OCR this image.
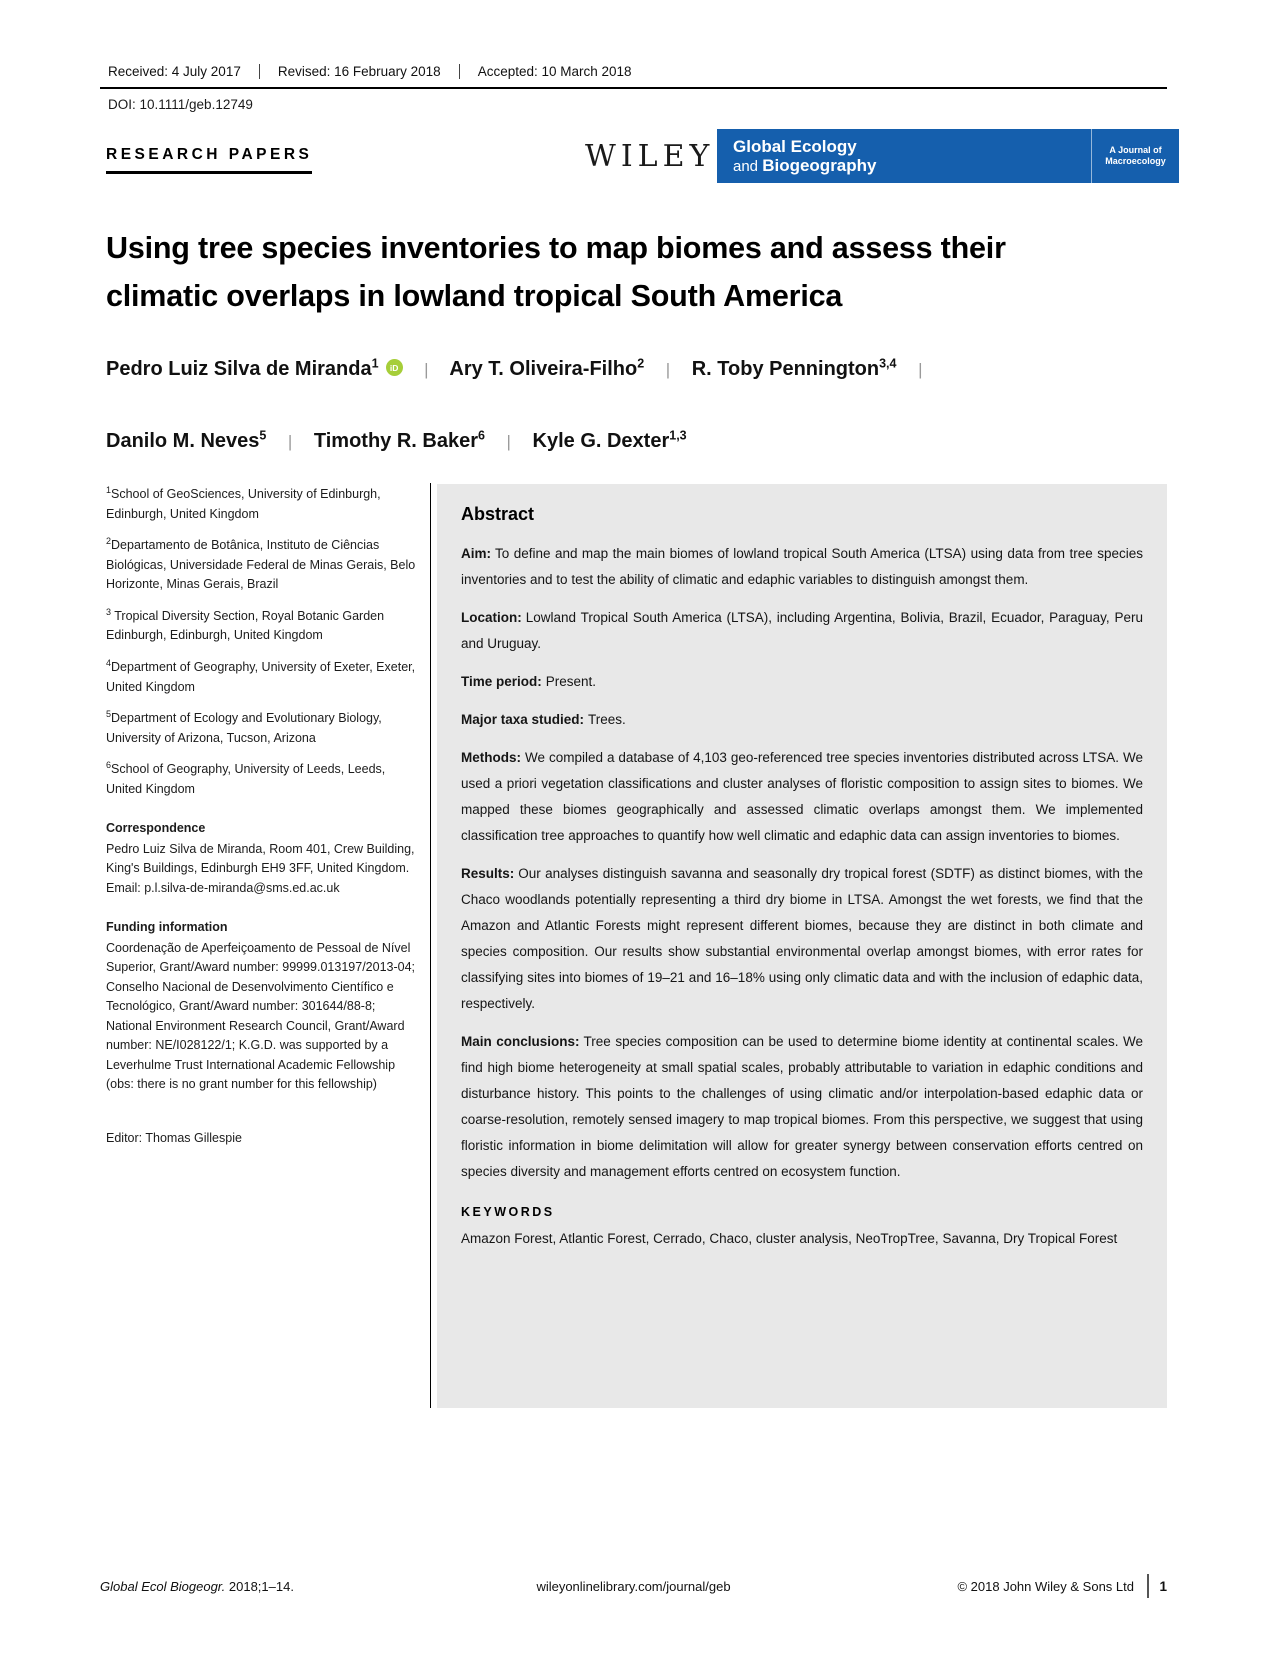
Received: 4 July 2017	Revised: 16 February 2018	Accepted: 10 March 2018
DOI: 10.1111/geb.12749
RESEARCH PAPERS	WILEY Global Ecology
and Biogeography
A Journal of
Macroecology
Using tree species inventories to map biomes and assess their
climatic overlaps in lowland tropical South America
Pedro Luiz Silva de Miranda$^1$ iD | Ary T. Oliveira-Filho$^2$ | R. Toby Pennington$^{3,4}$ |
Danilo M. Neves$^5$ | Timothy R. Baker$^6$ | Kyle G. Dexter$^{1,3}$
$^1$School of GeoSciences, University of Edinburgh, Edinburgh, United Kingdom
$^2$Departamento de Botânica, Instituto de Ciências Biológicas, Universidade Federal de Minas Gerais, Belo Horizonte, Minas Gerais, Brazil
$^3$ Tropical Diversity Section, Royal Botanic Garden Edinburgh, Edinburgh, United Kingdom
$^4$Department of Geography, University of Exeter, Exeter, United Kingdom
$^5$Department of Ecology and Evolutionary Biology, University of Arizona, Tucson, Arizona
$^6$School of Geography, University of Leeds, Leeds, United Kingdom
Correspondence
Pedro Luiz Silva de Miranda, Room 401, Crew Building, King's Buildings, Edinburgh EH9 3FF, United Kingdom.
Email: p.l.silva-de-miranda@sms.ed.ac.uk
Funding information
Coordenação de Aperfeiçoamento de Pessoal de Nível Superior, Grant/Award number: 99999.013197/2013-04; Conselho Nacional de Desenvolvimento Científico e Tecnológico, Grant/Award number: 301644/88-8; National Environment Research Council, Grant/Award number: NE/I028122/1; K.G.D. was supported by a Leverhulme Trust International Academic Fellowship (obs: there is no grant number for this fellowship)
Editor: Thomas Gillespie
Abstract

Aim: To define and map the main biomes of lowland tropical South America (LTSA) using data from tree species inventories and to test the ability of climatic and edaphic variables to distinguish amongst them.

Location: Lowland Tropical South America (LTSA), including Argentina, Bolivia, Brazil, Ecuador, Paraguay, Peru and Uruguay.

Time period: Present.

Major taxa studied: Trees.

Methods: We compiled a database of 4,103 geo-referenced tree species inventories distributed across LTSA. We used a priori vegetation classifications and cluster analyses of floristic composition to assign sites to biomes. We mapped these biomes geographically and assessed climatic overlaps amongst them. We implemented classification tree approaches to quantify how well climatic and edaphic data can assign inventories to biomes.

Results: Our analyses distinguish savanna and seasonally dry tropical forest (SDTF) as distinct biomes, with the Chaco woodlands potentially representing a third dry biome in LTSA. Amongst the wet forests, we find that the Amazon and Atlantic Forests might represent different biomes, because they are distinct in both climate and species composition. Our results show substantial environmental overlap amongst biomes, with error rates for classifying sites into biomes of 19–21 and 16–18% using only climatic data and with the inclusion of edaphic data, respectively.

Main conclusions: Tree species composition can be used to determine biome identity at continental scales. We find high biome heterogeneity at small spatial scales, probably attributable to variation in edaphic conditions and disturbance history. This points to the challenges of using climatic and/or interpolation-based edaphic data or coarse-resolution, remotely sensed imagery to map tropical biomes. From this perspective, we suggest that using floristic information in biome delimitation will allow for greater synergy between conservation efforts centred on species diversity and management efforts centred on ecosystem function.

KEYWORDS
Amazon Forest, Atlantic Forest, Cerrado, Chaco, cluster analysis, NeoTropTree, Savanna, Dry Tropical Forest
Global Ecol Biogeogr. 2018;1–14.	wileyonlinelibrary.com/journal/geb	© 2018 John Wiley & Sons Ltd 1
